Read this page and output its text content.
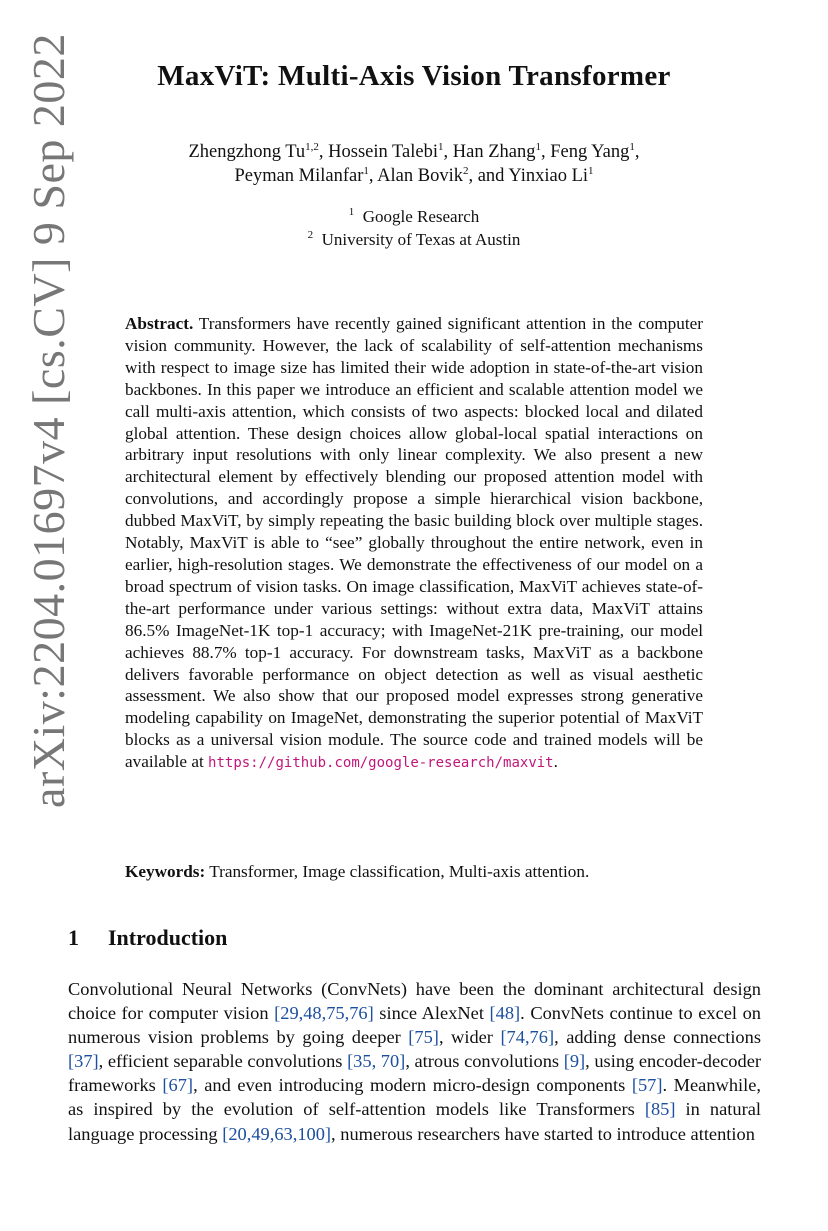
arXiv:2204.01697v4 [cs.CV] 9 Sep 2022	MaxViT: Multi-Axis Vision Transformer
Zhengzhong Tu$^{1,2}$, Hossein Talebi$^1$, Han Zhang$^1$, Feng Yang$^1$,
Peyman Milanfar$^1$, Alan Bovik$^2$, and Yinxiao Li$^1$
$^1$ Google Research
$^2$ University of Texas at Austin
Abstract. Transformers have recently gained significant attention in the computer vision community. However, the lack of scalability of self-attention mechanisms with respect to image size has limited their wide adoption in state-of-the-art vision backbones. In this paper we introduce an efficient and scalable attention model we call multi-axis attention, which consists of two aspects: blocked local and dilated global attention. These design choices allow global-local spatial interactions on arbitrary input resolutions with only linear complexity. We also present a new architectural element by effectively blending our proposed attention model with convolutions, and accordingly propose a simple hierarchical vision backbone, dubbed MaxViT, by simply repeating the basic building block over multiple stages. Notably, MaxViT is able to “see” globally throughout the entire network, even in earlier, high-resolution stages. We demonstrate the effectiveness of our model on a broad spectrum of vision tasks. On image classification, MaxViT achieves state-of-the-art performance under various settings: without extra data, MaxViT attains 86.5% ImageNet-1K top-1 accuracy; with ImageNet-21K pre-training, our model achieves 88.7% top-1 accuracy. For downstream tasks, MaxViT as a backbone delivers favorable performance on object detection as well as visual aesthetic assessment. We also show that our proposed model expresses strong generative modeling capability on ImageNet, demonstrating the superior potential of MaxViT blocks as a universal vision module. The source code and trained models will be available at https://github.com/google-research/maxvit.
Keywords: Transformer, Image classification, Multi-axis attention.
1 Introduction
Convolutional Neural Networks (ConvNets) have been the dominant architectural design choice for computer vision [29,48,75,76] since AlexNet [48]. ConvNets continue to excel on numerous vision problems by going deeper [75], wider [74,76], adding dense connections [37], efficient separable convolutions [35, 70], atrous convolutions [9], using encoder-decoder frameworks [67], and even introducing modern micro-design components [57]. Meanwhile, as inspired by the evolution of self-attention models like Transformers [85] in natural language processing [20,49,63,100], numerous researchers have started to introduce attention
